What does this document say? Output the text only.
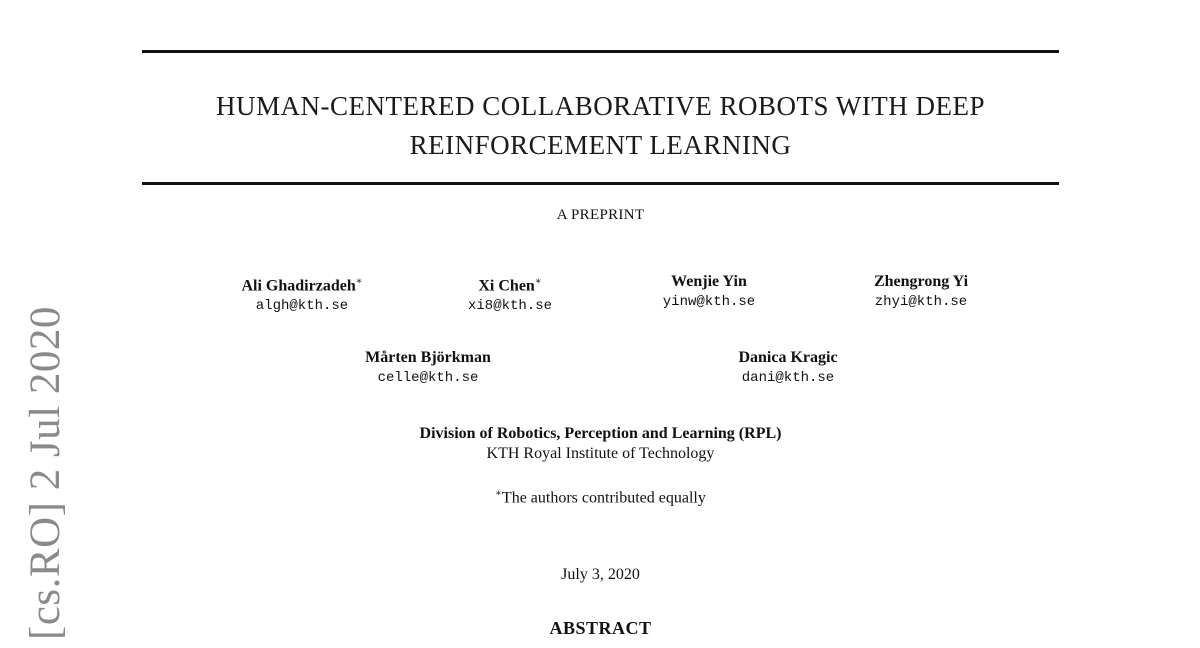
HUMAN-CENTERED COLLABORATIVE ROBOTS WITH DEEP
REINFORCEMENT LEARNING
A PREPRINT
Ali Ghadirzadeh∗
algh@kth.se
Xi Chen∗
xi8@kth.se
Wenjie Yin
yinw@kth.se
Zhengrong Yi
zhyi@kth.se
Mårten Björkman
celle@kth.se
Danica Kragic
dani@kth.se
Division of Robotics, Perception and Learning (RPL)
KTH Royal Institute of Technology
∗The authors contributed equally
July 3, 2020
ABSTRACT
[cs.RO] 2 Jul 2020
